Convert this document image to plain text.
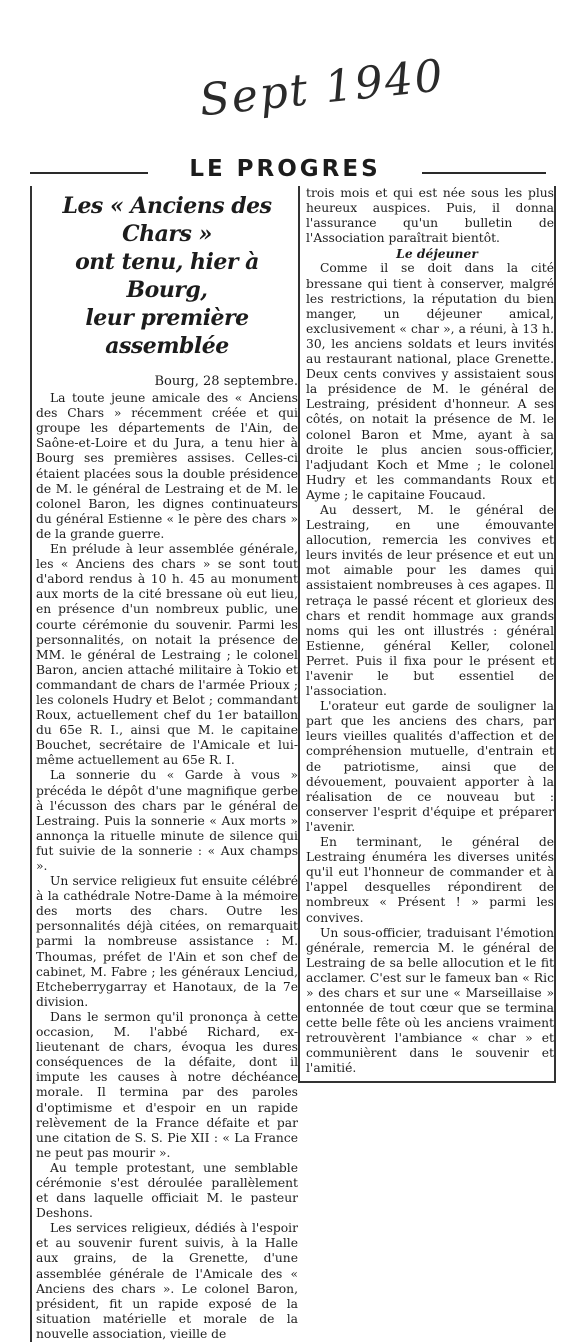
Sept 1940
LE PROGRES
Les « Anciens des Chars »
ont tenu, hier à Bourg,
leur première assemblée
Bourg, 28 septembre.

La toute jeune amicale des « Anciens des Chars » récemment créée et qui groupe les départements de l'Ain, de Saône-et-Loire et du Jura, a tenu hier à Bourg ses premières assises. Celles-ci étaient placées sous la double présidence de M. le général de Lestraing et de M. le colonel Baron, les dignes continuateurs du général Estienne « le père des chars » de la grande guerre.

En prélude à leur assemblée générale, les « Anciens des chars » se sont tout d'abord rendus à 10 h. 45 au monument aux morts de la cité bressane où eut lieu, en présence d'un nombreux public, une courte cérémonie du souvenir. Parmi les personnalités, on notait la présence de MM. le général de Lestraing ; le colonel Baron, ancien attaché militaire à Tokio et commandant de chars de l'armée Prioux ; les colonels Hudry et Belot ; commandant Roux, actuellement chef du 1er bataillon du 65e R. I., ainsi que M. le capitaine Bouchet, secrétaire de l'Amicale et lui-même actuellement au 65e R. I.

La sonnerie du « Garde à vous » précéda le dépôt d'une magnifique gerbe à l'écusson des chars par le général de Lestraing. Puis la sonnerie « Aux morts » annonça la rituelle minute de silence qui fut suivie de la sonnerie : « Aux champs ».

Un service religieux fut ensuite célébré à la cathédrale Notre-Dame à la mémoire des morts des chars. Outre les personnalités déjà citées, on remarquait parmi la nombreuse assistance : M. Thoumas, préfet de l'Ain et son chef de cabinet, M. Fabre ; les généraux Lenciud, Etcheberrygarray et Hanotaux, de la 7e division.

Dans le sermon qu'il prononça à cette occasion, M. l'abbé Richard, ex-lieutenant de chars, évoqua les dures conséquences de la défaite, dont il impute les causes à notre déchéance morale. Il termina par des paroles d'optimisme et d'espoir en un rapide relèvement de la France défaite et par une citation de S. S. Pie XII : « La France ne peut pas mourir ».

Au temple protestant, une semblable cérémonie s'est déroulée parallèlement et dans laquelle officiait M. le pasteur Deshons.

Les services religieux, dédiés à l'espoir et au souvenir furent suivis, à la Halle aux grains, de la Grenette, d'une assemblée générale de l'Amicale des « Anciens des chars ». Le colonel Baron, président, fit un rapide exposé de la situation matérielle et morale de la nouvelle association, vieille de

trois mois et qui est née sous les plus heureux auspices. Puis, il donna l'assurance qu'un bulletin de l'Association paraîtrait bientôt.

Le déjeuner

Comme il se doit dans la cité bressane qui tient à conserver, malgré les restrictions, la réputation du bien manger, un déjeuner amical, exclusivement « char », a réuni, à 13 h. 30, les anciens soldats et leurs invités au restaurant national, place Grenette. Deux cents convives y assistaient sous la présidence de M. le général de Lestraing, président d'honneur. A ses côtés, on notait la présence de M. le colonel Baron et Mme, ayant à sa droite le plus ancien sous-officier, l'adjudant Koch et Mme ; le colonel Hudry et les commandants Roux et Ayme ; le capitaine Foucaud.

Au dessert, M. le général de Lestraing, en une émouvante allocution, remercia les convives et leurs invités de leur présence et eut un mot aimable pour les dames qui assistaient nombreuses à ces agapes. Il retraça le passé récent et glorieux des chars et rendit hommage aux grands noms qui les ont illustrés : général Estienne, général Keller, colonel Perret. Puis il fixa pour le présent et l'avenir le but essentiel de l'association.

L'orateur eut garde de souligner la part que les anciens des chars, par leurs vieilles qualités d'affection et de compréhension mutuelle, d'entrain et de patriotisme, ainsi que de dévouement, pouvaient apporter à la réalisation de ce nouveau but : conserver l'esprit d'équipe et préparer l'avenir.

En terminant, le général de Lestraing énuméra les diverses unités qu'il eut l'honneur de commander et à l'appel desquelles répondirent de nombreux « Présent ! » parmi les convives.

Un sous-officier, traduisant l'émotion générale, remercia M. le général de Lestraing de sa belle allocution et le fit acclamer. C'est sur le fameux ban « Ric » des chars et sur une « Marseillaise » entonnée de tout cœur que se termina cette belle fête où les anciens vraiment retrouvèrent l'ambiance « char » et communièrent dans le souvenir et l'amitié.
